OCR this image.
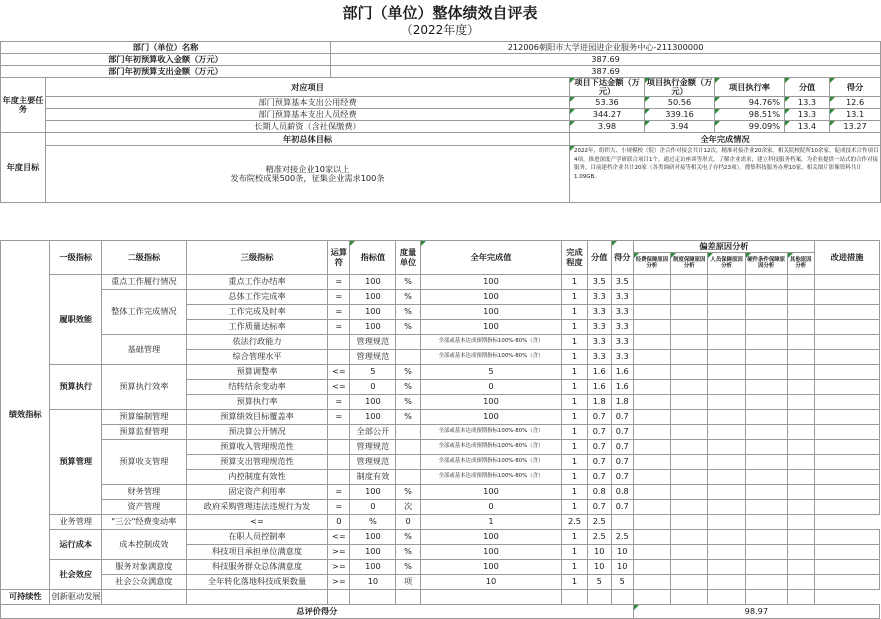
部门（单位）整体绩效自评表
（2022年度）
部门（单位）名称		212006朝阳市大学进园进企业服务中心-211300000					
部门年初预算收入金额（万元）		387.69					
部门年初预算支出金额（万元）		387.69					
年度主要任务	对应项目		项目下达金额（万元）	项目执行金额（万元）	项目执行率	分值	得分
	部门预算基本支出公用经费		53.36	50.56	94.76%	13.3	12.6
	部门预算基本支出人员经费		344.27	339.16	98.51%	13.3	13.1
	长期人员薪资（含社保缴费）		3.98	3.94	99.09%	13.4	13.27
年度目标	年初总体目标		全年完成情况				

	精准对接企业10家以上
发布院校成果500条，征集企业需求100条		2022年，组织大、小规模校（院）企合作对接会共计12次，精准对接企业20余家。相关院校院所10余家。促成技术合作项目4项。推进深度产学研联合项目1个。通过走访座谈等形式，了解企业需求，建立科技服务档案，为企业提供一站式的合作对接服务。目前建档企业共计20家（各类调研对接等相关电子存档23项）。搜集科技服务办理10家，相关图片影像资料共计1.09GB。				
绩效指标	一级指标	二级指标	三级指标	运算符	指标值	度量单位	全年完成值	完成程度	分值	得分	偏差原因分析					改进措施
											经费保障原因分析	制度保障原因分析	人员保障原因分析	硬件条件保障原因分析	其他原因分析	
	履职效能	重点工作履行情况	重点工作办结率	=	100	%	100	1	3.5	3.5						
		整体工作完成情况	总体工作完成率	=	100	%	100	1	3.3	3.3						
			工作完成及时率	=	100	%	100	1	3.3	3.3						
			工作质量达标率	=	100	%	100	1	3.3	3.3						
		基础管理	依法行政能力		管理规范		全部或基本达成预期指标100%-80%（含）	1	3.3	3.3						
			综合管理水平		管理规范		全部或基本达成预期指标100%-80%（含）	1	3.3	3.3						
	预算执行	预算执行效率	预算调整率	<=	5	%	5	1	1.6	1.6						
			结转结余变动率	<=	0	%	0	1	1.6	1.6						
			预算执行率	=	100	%	100	1	1.8	1.8						
	预算管理	预算编制管理	预算绩效目标覆盖率	=	100	%	100	1	0.7	0.7						
		预算监督管理	预决算公开情况		全部公开		全部或基本达成预期指标100%-80%（含）	1	0.7	0.7						
		预算收支管理	预算收入管理规范性		管理规范		全部或基本达成预期指标100%-80%（含）	1	0.7	0.7						
			预算支出管理规范性		管理规范		全部或基本达成预期指标100%-80%（含）	1	0.7	0.7						
			内控制度有效性		制度有效		全部或基本达成预期指标100%-80%（含）	1	0.7	0.7						
		财务管理	固定资产利用率	=	100	%	100	1	0.8	0.8						
		资产管理	政府采购管理违法违规行为发	=	0	次	0	1	0.7	0.7						
	业务管理	"三公"经费变动率	<=	0	%	0	1	2.5	2.5							
	运行成本	成本控制成效	在职人员控制率	<=	100	%	100	1	2.5	2.5						
			科技项目承担单位满意度	>=	100	%	100	1	10	10						
	社会效应	服务对象满意度	科技服务群众总体满意度	>=	100	%	100	1	10	10						
		社会公众满意度	全年转化落地科技成果数量	>=	10	项	10	1	5	5						
可持续性	创新驱动发展															
总评价得分											98.97					
